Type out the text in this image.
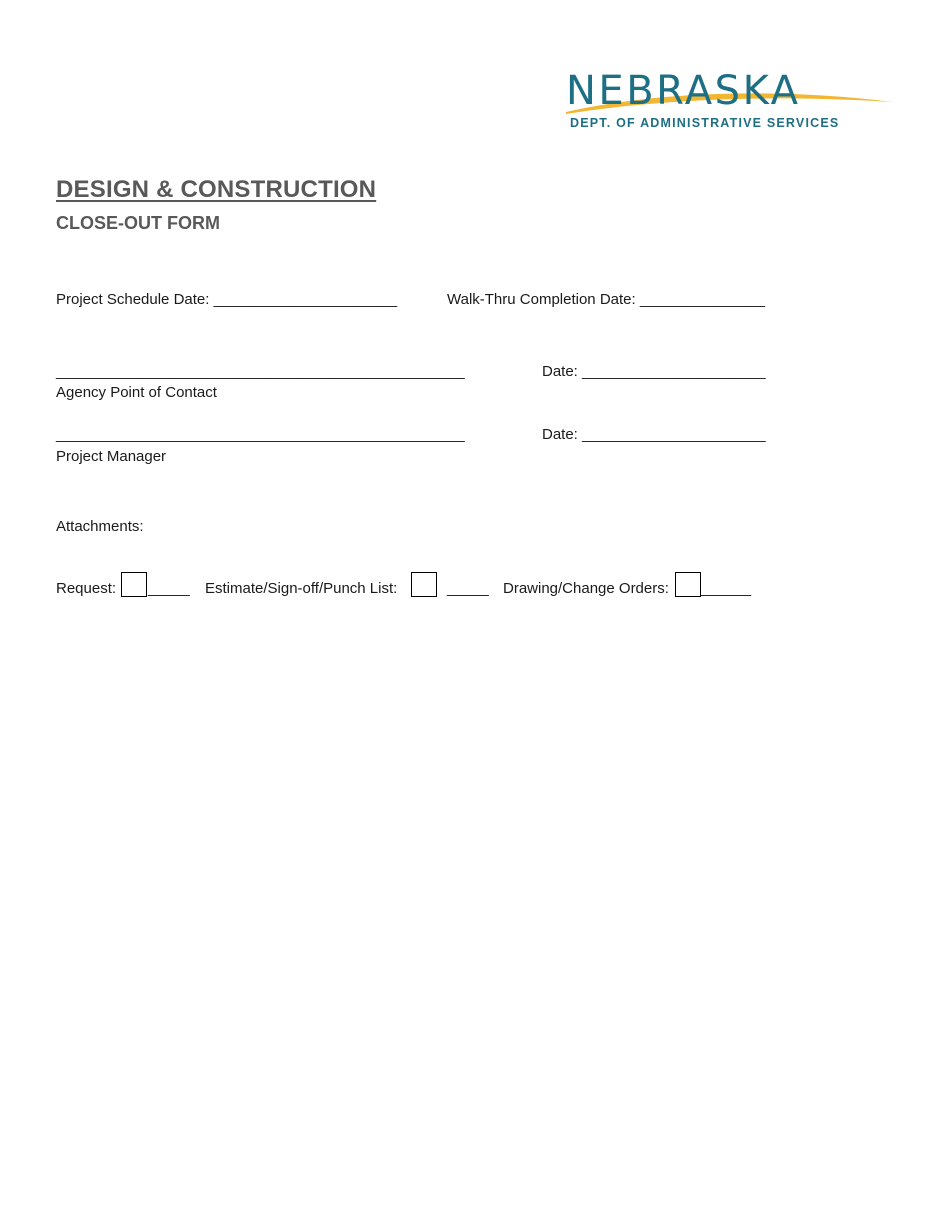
NEBRASKA
DEPT. OF ADMINISTRATIVE SERVICES
DESIGN & CONSTRUCTION
CLOSE-OUT FORM
Project Schedule Date: ______________________	Walk-Thru Completion Date: _______________
_________________________________________________	Date: ______________________
Agency Point of Contact
_________________________________________________	Date: ______________________
Project Manager
Attachments:
Request: _____ Estimate/Sign-off/Punch List:	_____ Drawing/Change Orders: ______
